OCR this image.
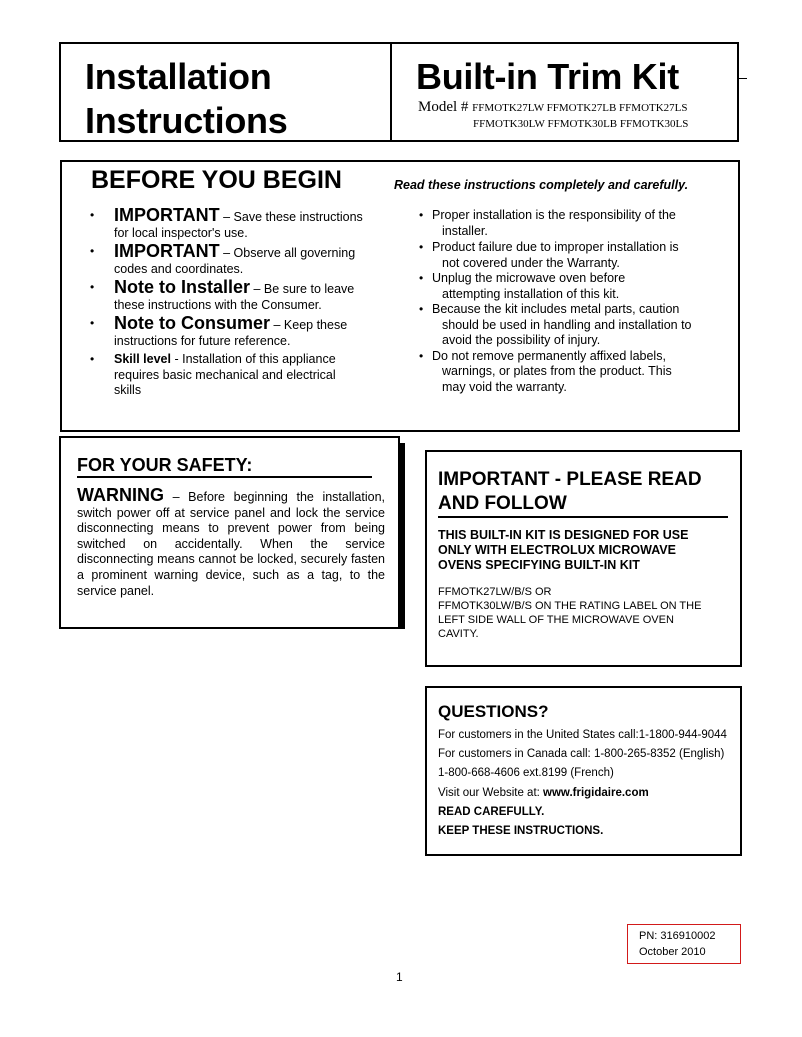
Installation
Instructions
Built-in Trim Kit
Model # FFMOTK27LW FFMOTK27LB FFMOTK27LS
FFMOTK30LW FFMOTK30LB FFMOTK30LS
BEFORE YOU BEGIN	Read these instructions completely and carefully.
• IMPORTANT – Save these instructions
for local inspector's use.
• IMPORTANT – Observe all governing
codes and coordinates.
• Note to Installer – Be sure to leave
these instructions with the Consumer.
• Note to Consumer – Keep these
instructions for future reference.
• Skill level - Installation of this appliance
requires basic mechanical and electrical
skills
• Proper installation is the responsibility of the
installer.
• Product failure due to improper installation is
not covered under the Warranty.
• Unplug the microwave oven before
attempting installation of this kit.
• Because the kit includes metal parts, caution
should be used in handling and installation to
avoid the possibility of injury.
• Do not remove permanently affixed labels,
warnings, or plates from the product. This
may void the warranty.
FOR YOUR SAFETY:
WARNING – Before beginning the installation, switch power off at service panel and lock the service disconnecting means to prevent power from being switched on accidentally. When the service disconnecting means cannot be locked, securely fasten a prominent warning device, such as a tag, to the service panel.
IMPORTANT - PLEASE READ
AND FOLLOW
THIS BUILT-IN KIT IS DESIGNED FOR USE
ONLY WITH ELECTROLUX MICROWAVE
OVENS SPECIFYING BUILT-IN KIT
FFMOTK27LW/B/S OR
FFMOTK30LW/B/S ON THE RATING LABEL ON THE
LEFT SIDE WALL OF THE MICROWAVE OVEN
CAVITY.
QUESTIONS?
For customers in the United States call:1-1800-944-9044
For customers in Canada call: 1-800-265-8352 (English)
1-800-668-4606 ext.8199 (French)
Visit our Website at: www.frigidaire.com
READ CAREFULLY.
KEEP THESE INSTRUCTIONS.
PN: 316910002
October 2010
1
